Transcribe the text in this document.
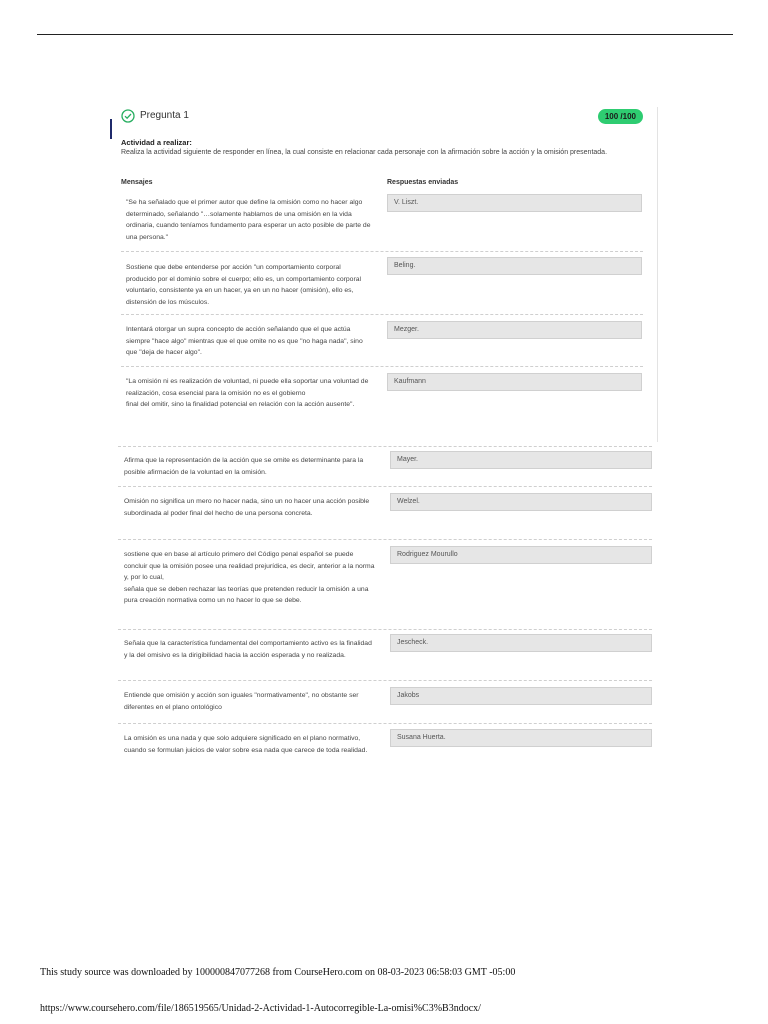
Pregunta 1	100 /100
Actividad a realizar:
Realiza la actividad siguiente de responder en línea, la cual consiste en relacionar cada personaje con la afirmación sobre la acción y la omisión presentada.
Mensajes	Respuestas enviadas
"Se ha señalado que el primer autor que define la omisión como no hacer algo determinado, señalando "…solamente hablamos de una omisión en la vida ordinaria, cuando teníamos fundamento para esperar un acto posible de parte de una persona."
V. Liszt.
Sostiene que debe entenderse por acción "un comportamiento corporal producido por el dominio sobre el cuerpo; ello es, un comportamiento corporal voluntario, consistente ya en un hacer, ya en un no hacer (omisión), ello es, distensión de los músculos.
Beling.
Intentará otorgar un supra concepto de acción señalando que el que actúa siempre "hace algo" mientras que el que omite no es que "no haga nada", sino que "deja de hacer algo".
Mezger.
"La omisión ni es realización de voluntad, ni puede ella soportar una voluntad de realización, cosa esencial para la omisión no es el gobierno
final del omitir, sino la finalidad potencial en relación con la acción ausente".
Kaufmann
Afirma que la representación de la acción que se omite es determinante para la posible afirmación de la voluntad en la omisión.
Mayer.
Omisión no significa un mero no hacer nada, sino un no hacer una acción posible subordinada al poder final del hecho de una persona concreta.
Welzel.
sostiene que en base al artículo primero del Código penal español se puede concluir que la omisión posee una realidad prejurídica, es decir, anterior a la norma y, por lo cual,
señala que se deben rechazar las teorías que pretenden reducir la omisión a una pura creación normativa como un no hacer lo que se debe.
Rodriguez Mourullo
Señala que la característica fundamental del comportamiento activo es la finalidad y la del omisivo es la dirigibilidad hacia la acción esperada y no realizada.
Jescheck.
Entiende que omisión y acción son iguales "normativamente", no obstante ser diferentes en el plano ontológico
Jakobs
La omisión es una nada y que solo adquiere significado en el plano normativo, cuando se formulan juicios de valor sobre esa nada que carece de toda realidad.
Susana Huerta.
This study source was downloaded by 100000847077268 from CourseHero.com on 08-03-2023 06:58:03 GMT -05:00
https://www.coursehero.com/file/186519565/Unidad-2-Actividad-1-Autocorregible-La-omisi%C3%B3ndocx/
